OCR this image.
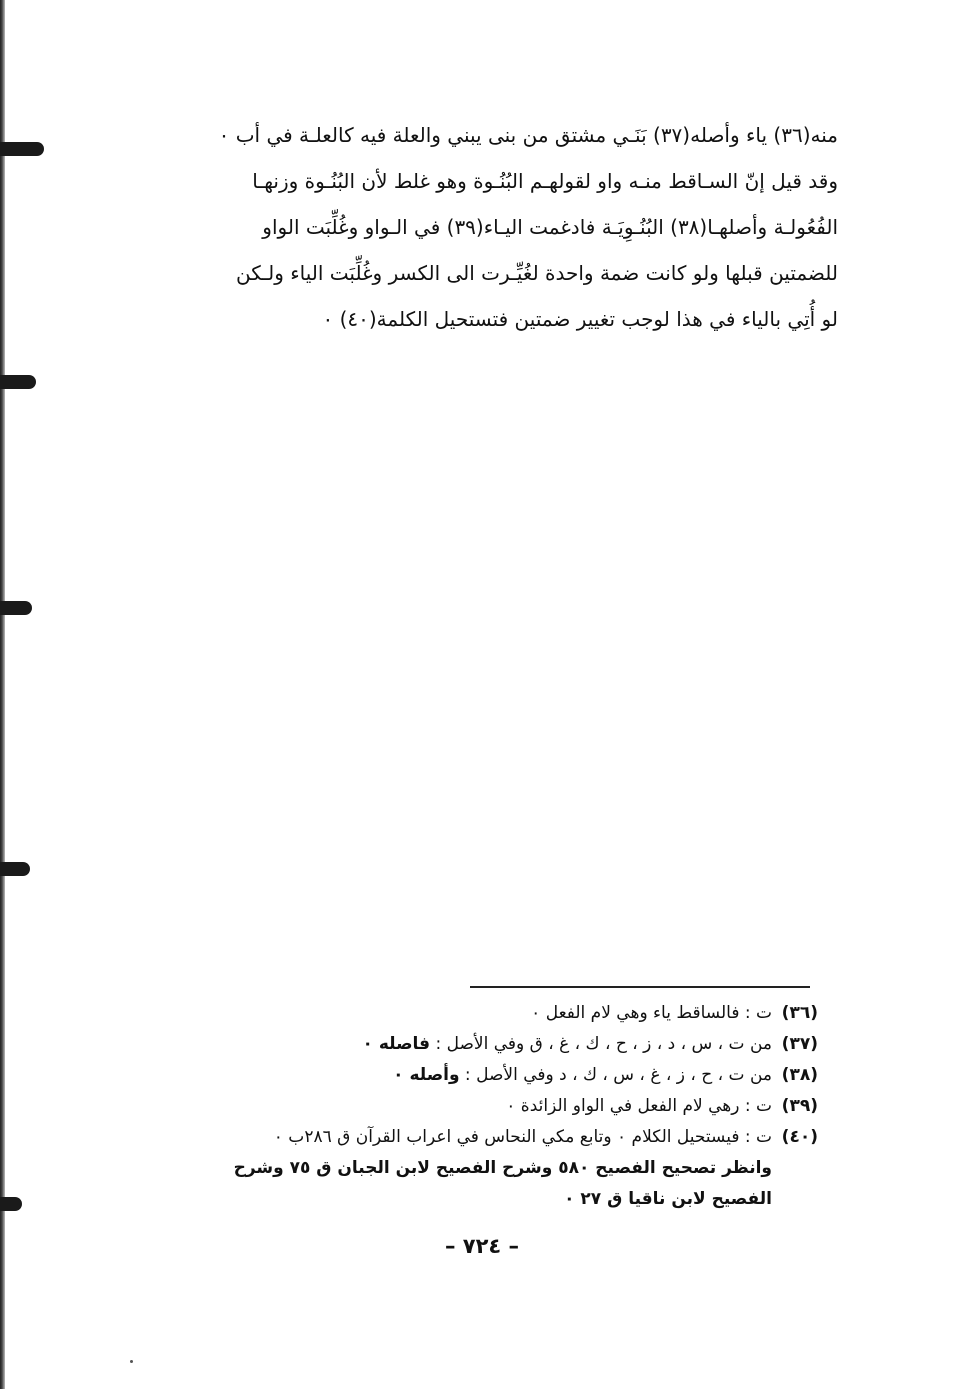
منه(٣٦) ياء وأصله(٣٧) بَنَـي مشتق من بنى يبني والعلة فيه كالعلـة في أب ٠
وقد قيل إنّ السـاقط منـه واو لقولهـم البُنُـوة وهو غلط لأن البُنُـوة وزنهـا
الفُعُولـة وأصلهـا(٣٨) البُنُـوِيَـة فادغمت اليـاء(٣٩) في الـواو وغُلِّبَت الواو
للضمتين قبلها ولو كانت ضمة واحدة لغُيِّـرت الى الكسر وغُلِّبَت الياء ولـكن
لو أُتِي بالياء في هذا لوجب تغيير ضمتين فتستحيل الكلمة(٤٠) ٠
(٣٦)
ت : فالساقط ياء وهي لام الفعل ٠
(٣٧)
من ت ، س ، د ، ز ، ح ، ك ، غ ، ق وفي الأصل : فاصله ٠
(٣٨)
من ت ، ح ، ز ، غ ، س ، ك ، د وفي الأصل : وأصله ٠
(٣٩)
ت : رهي لام الفعل في الواو الزائدة ٠
(٤٠)
ت : فيستحيل الكلام ٠ وتابع مكي النحاس في اعراب القرآن ق ٢٨٦ب ٠
وانظر تصحيح الفصيح ٥٨٠ وشرح الفصيح لابن الجبان ق ٧٥ وشرح
الفصيح لابن ناقيا ق ٢٧ ٠
– ٧٢٤ –
